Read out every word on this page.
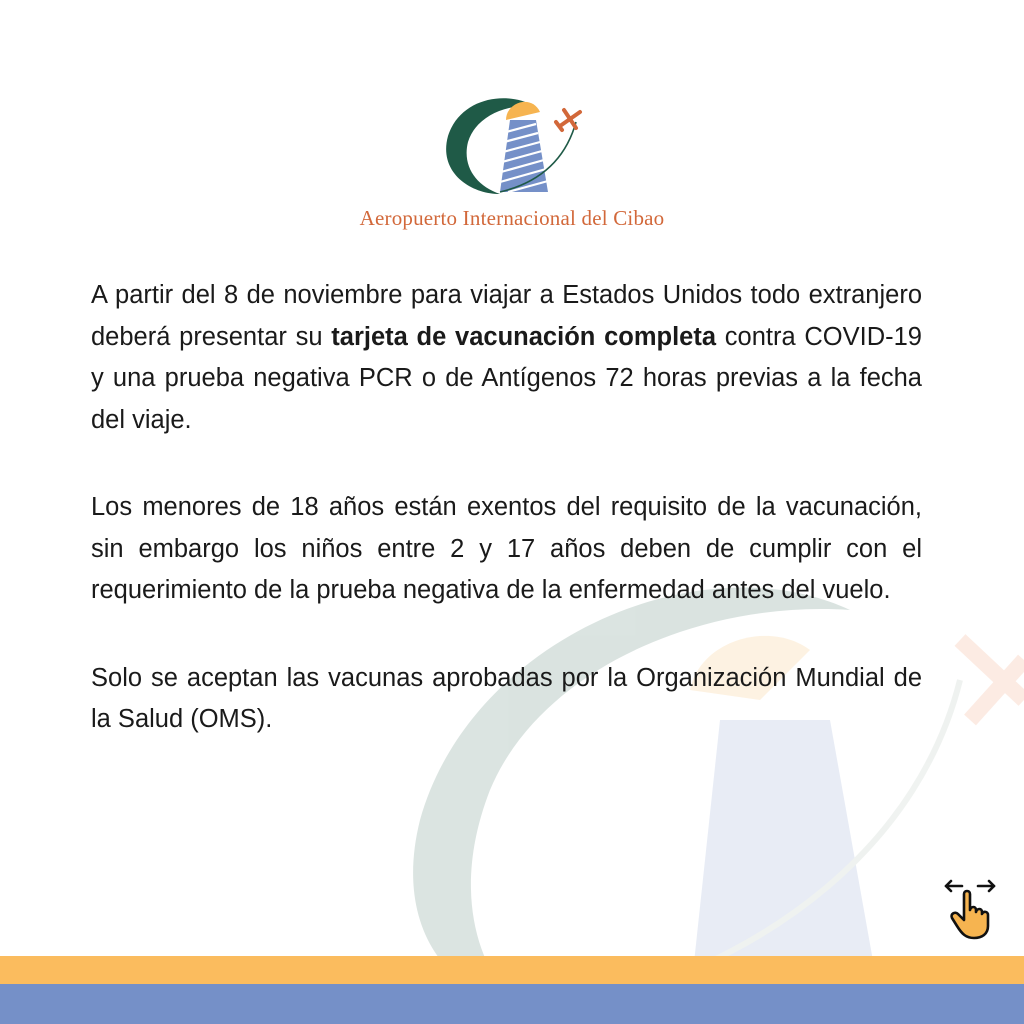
Aeropuerto Internacional del Cibao

A partir del 8 de noviembre para viajar a Estados Unidos todo extranjero deberá presentar su tarjeta de vacunación completa contra COVID-19 y una prueba negativa PCR o de Antígenos 72 horas previas a la fecha del viaje.

Los menores de 18 años están exentos del requisito de la vacunación, sin embargo los niños entre 2 y 17 años deben de cumplir con el requerimiento de la prueba negativa de la enfermedad antes del vuelo.

Solo se aceptan las vacunas aprobadas por la Organización Mundial de la Salud (OMS).
